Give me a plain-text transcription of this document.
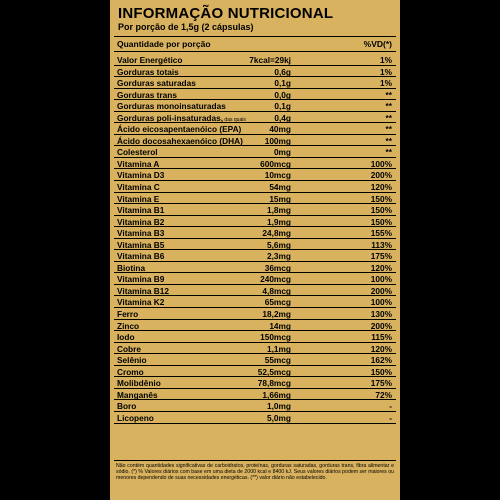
INFORMAÇÃO NUTRICIONAL
Por porção de 1,5g (2 cápsulas)
Quantidade por porção	%VD(*)
Valor Energético	7kcal=29kj	1%
Gorduras totais	0,6g	1%
Gorduras saturadas	0,1g	1%
Gorduras trans	0,0g	**
Gorduras monoinsaturadas	0,1g	**
Gorduras poli-insaturadas, das quais	0,4g	**
Ácido eicosapentaenóico (EPA)	40mg	**
Ácido docosahexaenóico (DHA)	100mg	**
Colesterol	0mg	**
Vitamina A	600mcg	100%
Vitamina D3	10mcg	200%
Vitamina C	54mg	120%
Vitamina E	15mg	150%
Vitamina B1	1,8mg	150%
Vitamina B2	1,9mg	150%
Vitamina B3	24,8mg	155%
Vitamina B5	5,6mg	113%
Vitamina B6	2,3mg	175%
Biotina	36mcg	120%
Vitamina B9	240mcg	100%
Vitamina B12	4,8mcg	200%
Vitamina K2	65mcg	100%
Ferro	18,2mg	130%
Zinco	14mg	200%
Iodo	150mcg	115%
Cobre	1,1mg	120%
Selênio	55mcg	162%
Cromo	52,5mcg	150%
Molibdênio	78,8mcg	175%
Manganês	1,66mg	72%
Boro	1,0mg	-
Licopeno	5,0mg	-
Não contém quantidades significativas de carboidratos, proteínas, gorduras saturadas, gorduras trans, fibra alimentar e sódio. (*) % Valores diários com base em uma dieta de 2000 kcal e 8400 kJ. Seus valores diários podem ser maiores ou menores dependendo de suas necessidades energéticas. (**) valor diário não estabelecido.
